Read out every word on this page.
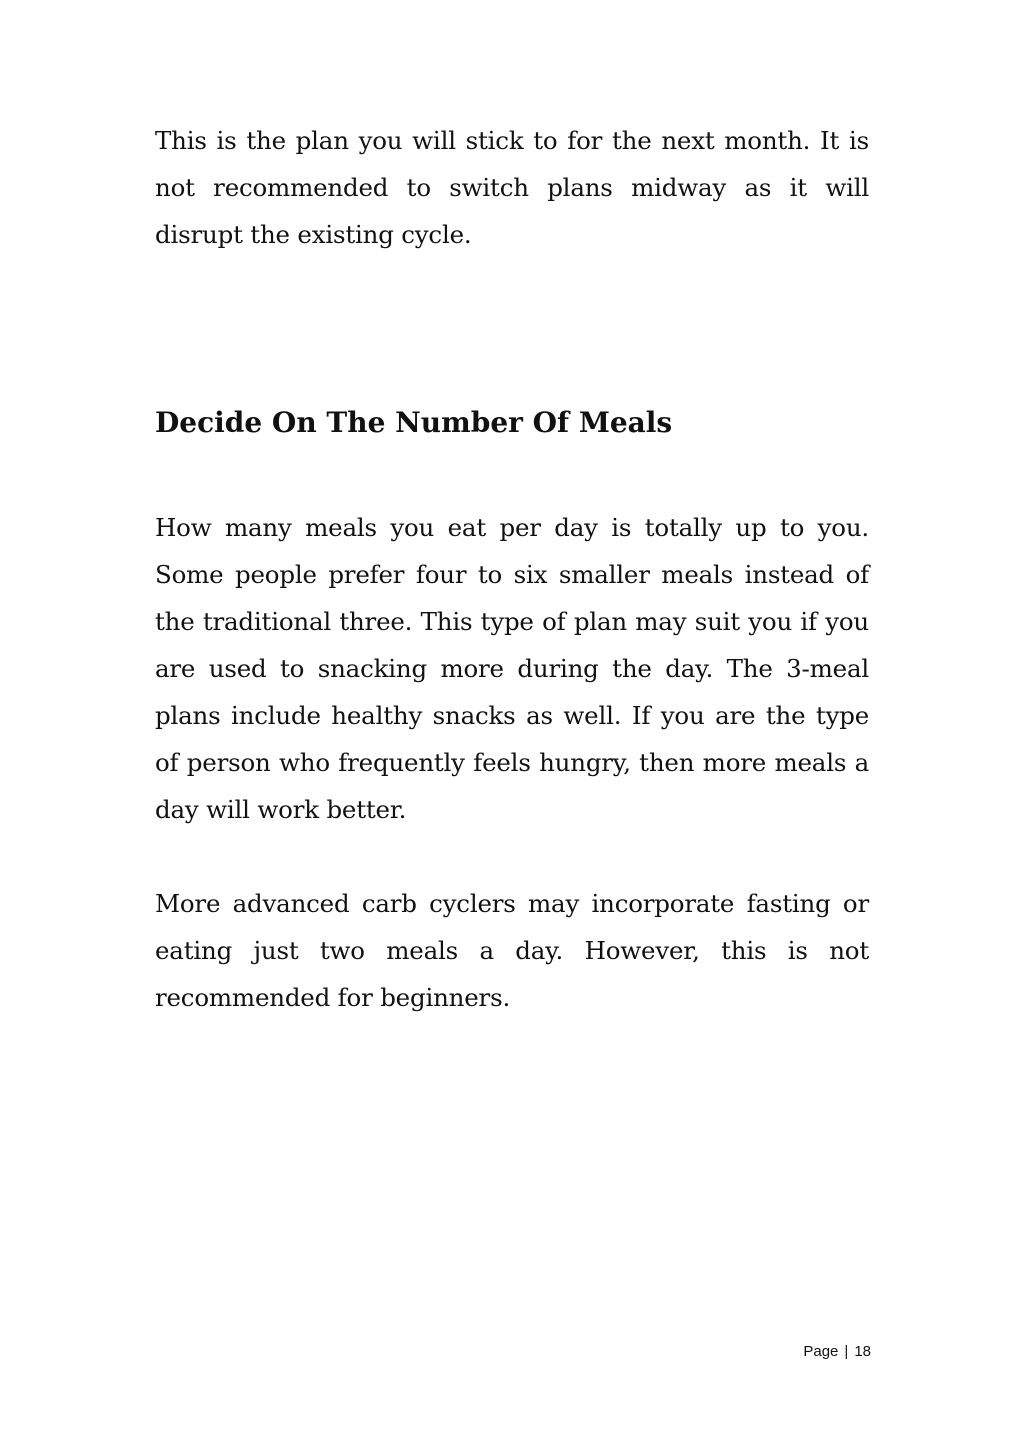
This is the plan you will stick to for the next month. It is not recommended to switch plans midway as it will disrupt the existing cycle.

Decide On The Number Of Meals

How many meals you eat per day is totally up to you. Some people prefer four to six smaller meals instead of the traditional three. This type of plan may suit you if you are used to snacking more during the day. The 3-meal plans include healthy snacks as well. If you are the type of person who frequently feels hungry, then more meals a day will work better.

More advanced carb cyclers may incorporate fasting or eating just two meals a day. However, this is not recommended for beginners.

Page | 18
